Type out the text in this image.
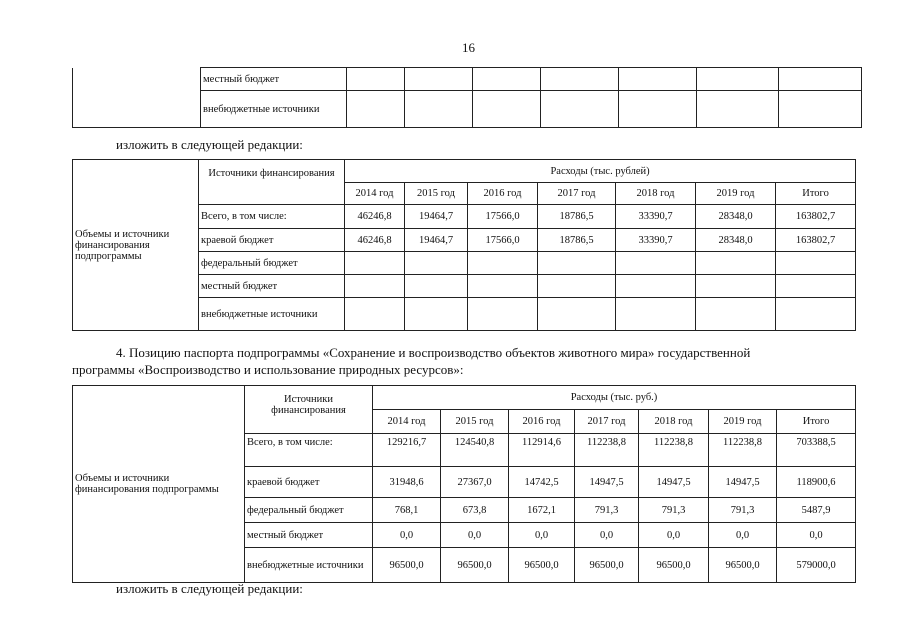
16
	местный бюджет							
	внебюджетные источники							
изложить в следующей редакции:
Объемы и источники финансирования подпрограммы	Источники финансирования	Расходы (тыс. рублей)						
		2014 год	2015 год	2016 год	2017 год	2018 год	2019 год	Итого
	Всего, в том числе:	46246,8	19464,7	17566,0	18786,5	33390,7	28348,0	163802,7
	краевой бюджет	46246,8	19464,7	17566,0	18786,5	33390,7	28348,0	163802,7
	федеральный бюджет							
	местный бюджет							
	внебюджетные источники							
4. Позицию паспорта подпрограммы «Сохранение и воспроизводство объектов животного мира» государственной
программы «Воспроизводство и использование природных ресурсов»:
Объемы и источники финансирования подпрограммы	Источники финансирования	Расходы (тыс. руб.)						
		2014 год	2015 год	2016 год	2017 год	2018 год	2019 год	Итого
	Всего, в том числе:	129216,7	124540,8	112914,6	112238,8	112238,8	112238,8	703388,5
	краевой бюджет	31948,6	27367,0	14742,5	14947,5	14947,5	14947,5	118900,6
	федеральный бюджет	768,1	673,8	1672,1	791,3	791,3	791,3	5487,9
	местный бюджет	0,0	0,0	0,0	0,0	0,0	0,0	0,0
	внебюджетные источники	96500,0	96500,0	96500,0	96500,0	96500,0	96500,0	579000,0
изложить в следующей редакции:
